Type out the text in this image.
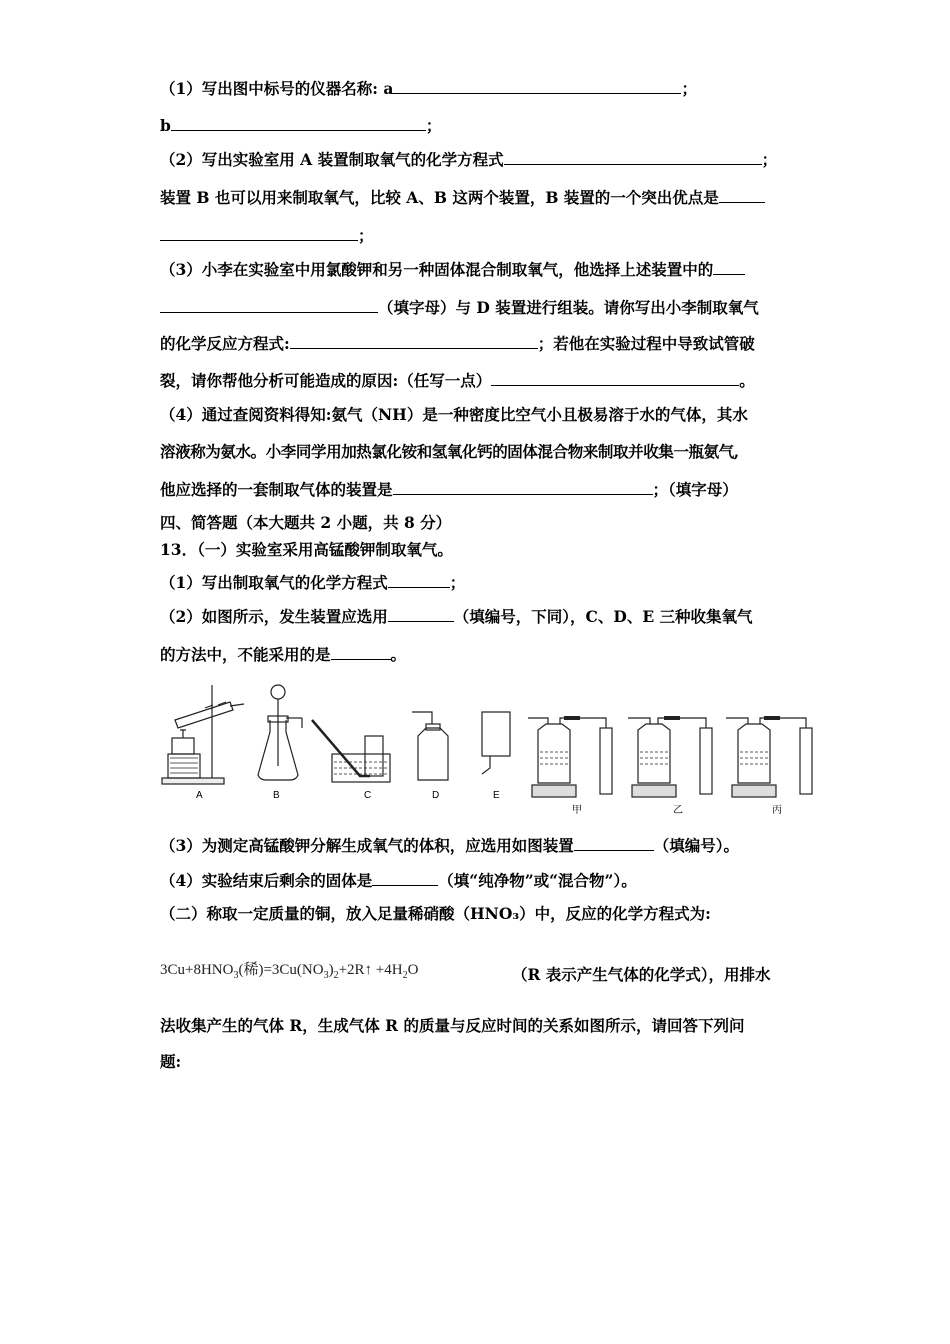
（1）写出图中标号的仪器名称: a	；
b	；
（2）写出实验室用 A 装置制取氧气的化学方程式	；
装置 B 也可以用来制取氧气，比较 A、B 这两个装置，B 装置的一个突出优点是
；
（3）小李在实验室中用氯酸钾和另一种固体混合制取氧气，他选择上述装置中的
（填字母）与 D 装置进行组装。请你写出小李制取氧气
的化学反应方程式:	；若他在实验过程中导致试管破
裂，请你帮他分析可能造成的原因:（任写一点）	。
（4）通过查阅资料得知:氨气（NH）是一种密度比空气小且极易溶于水的气体，其水
溶液称为氨水。小李同学用加热氯化铵和氢氧化钙的固体混合物来制取并收集一瓶氨气,
他应选择的一套制取气体的装置是	；（填字母）
四、简答题（本大题共 2 小题，共 8 分）
13．（一）实验室采用高锰酸钾制取氧气。
（1）写出制取氧气的化学方程式	；
（2）如图所示，发生装置应选用	（填编号，下同），C、D、E 三种收集氧气
的方法中，不能采用的是	。
A	B	C	D	E
甲	乙	丙
（3）为测定高锰酸钾分解生成氧气的体积，应选用如图装置	（填编号）。
（4）实验结束后剩余的固体是	（填“纯净物”或“混合物”）。
（二）称取一定质量的铜，放入足量稀硝酸（HNO₃）中，反应的化学方程式为:
$3Cu+8HNO_3$(稀)$=3Cu(NO_3)_2+2R↑ +4H_2O$	（R 表示产生气体的化学式），用排水
法收集产生的气体 R，生成气体 R 的质量与反应时间的关系如图所示，请回答下列问
题:
